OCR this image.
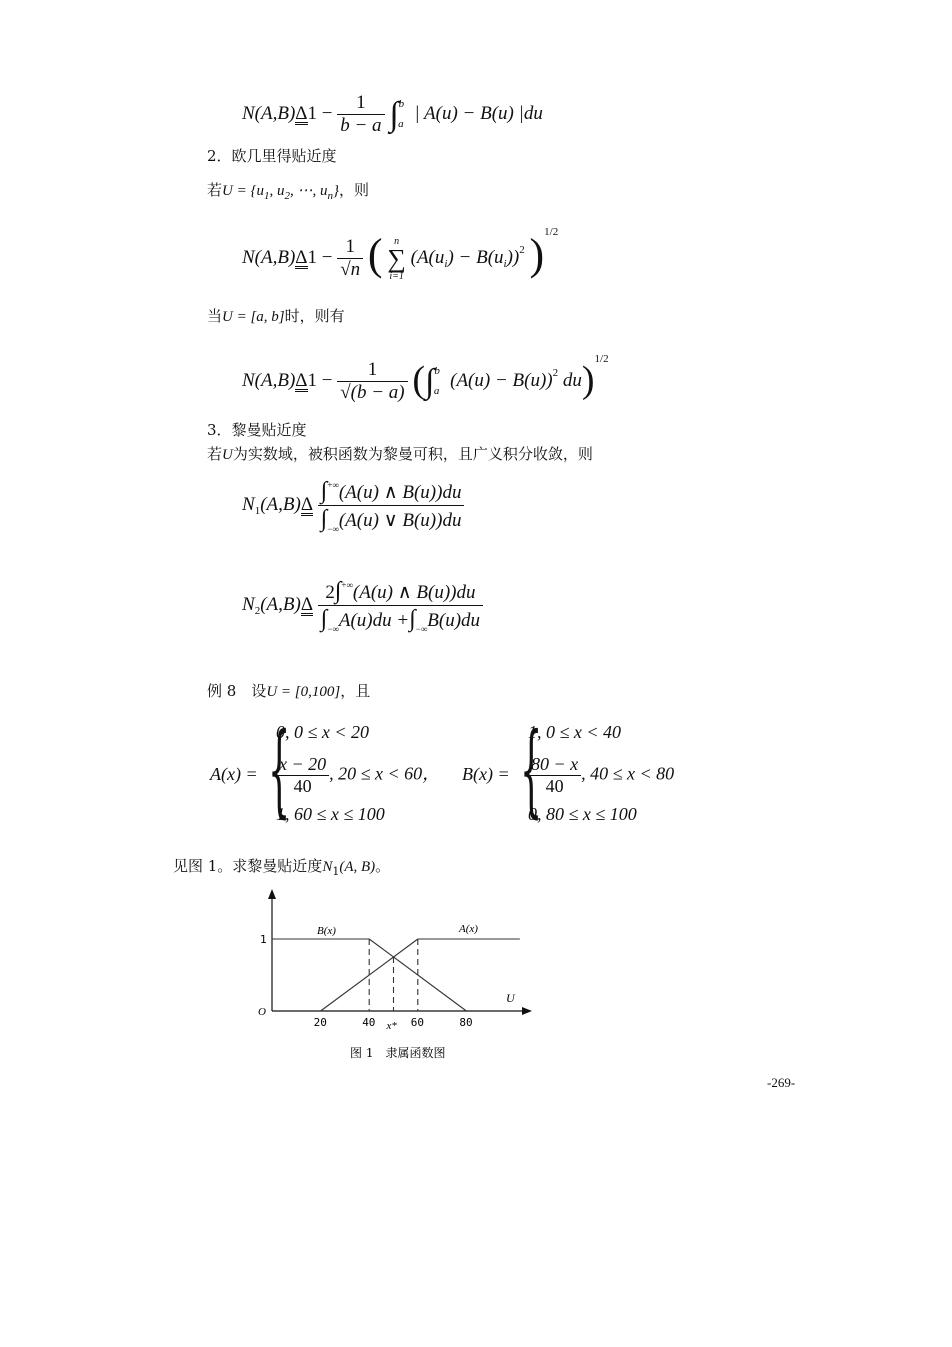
$N(A,B)\Delta 1 - \frac{1}{b - a} \int^b_a$ | A(u) − B(u) |du
2．欧几里得贴近度
若$U = \{u_1$, $u_2$, ⋯, $u_n$}，则
$N(A,B)\Delta 1 - \frac{1}{√n}$ (	n
∑
i=1
$(A(u_i) - B(u_i))^2$ )$^{1/2}$
当U = [a, b]时，则有
$N(A,B)\Delta 1 - \frac{1}{√(b - a)} (\int^b_a$ $(A(u) - B(u))^2$ du)$^{1/2}$
3．黎曼贴近度
若U为实数域，被积函数为黎曼可积，且广义积分收敛，则
$N_1(A,B)\Delta \frac{\int^{+\infty}(A(u) \wedge B(u))du}{\int_{-\infty}(A(u) \vee B(u))du}$
$N_2(A,B)\Delta \frac{2\int^{+\infty}(A(u) \wedge B(u))du}{\int_{-\infty}A(u)du +\int_{-\infty}B(u)du}$
例 8　设U = [0,100]，且
A(x) = {
0, 0 ≤ x < 20
$\frac{x - 20}{40}$ , 20 ≤ x < 60，
1, 60 ≤ x ≤ 100
B(x) = {
1, 0 ≤ x < 40
$\frac{80 - x}{40}$ , 40 ≤ x < 80
0, 80 ≤ x ≤ 100
见图 1。求黎曼贴近度$N_1(A$, B)。
20	40	60	80
1
O
U
B(x)	A(x)
x*
图 1　隶属函数图
-269-
